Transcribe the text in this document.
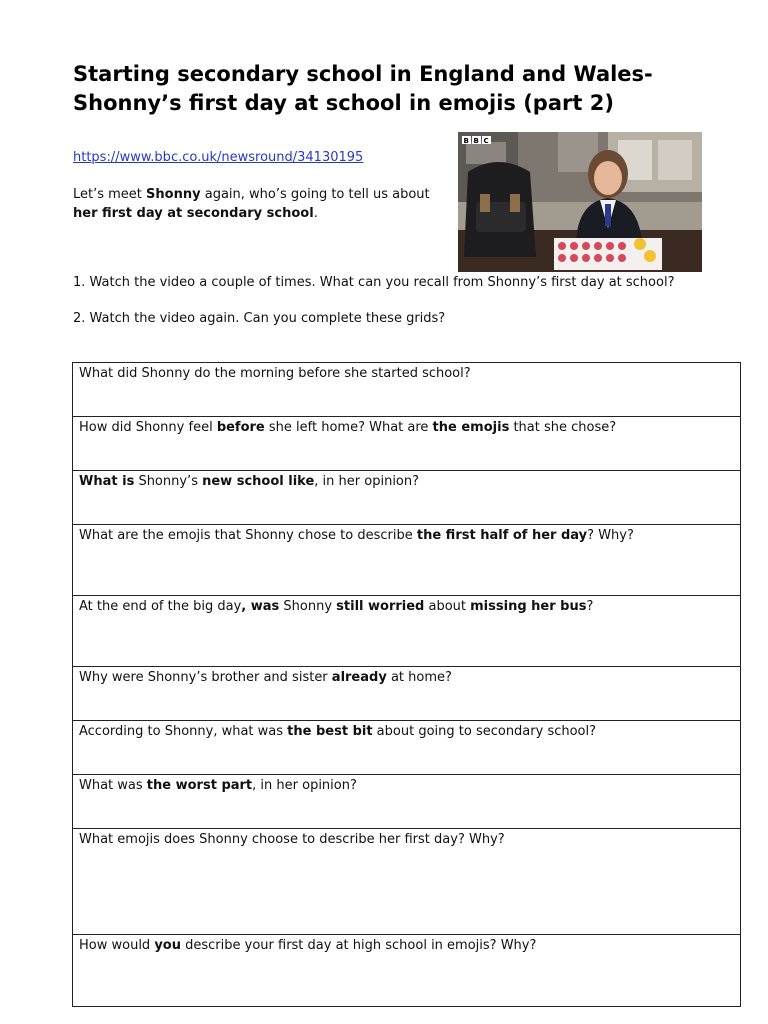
Starting secondary school in England and Wales-
Shonny’s first day at school in emojis (part 2)
https://www.bbc.co.uk/newsround/34130195

Let’s meet Shonny again, who’s going to tell us about
her first day at secondary school.

B B C

1. Watch the video a couple of times. What can you recall from Shonny’s first day at school?

2. Watch the video again. Can you complete these grids?

What did Shonny do the morning before she started school?
How did Shonny feel before she left home? What are the emojis that she chose?
What is Shonny’s new school like, in her opinion?
What are the emojis that Shonny chose to describe the first half of her day? Why?
At the end of the big day, was Shonny still worried about missing her bus?
Why were Shonny’s brother and sister already at home?
According to Shonny, what was the best bit about going to secondary school?
What was the worst part, in her opinion?
What emojis does Shonny choose to describe her first day? Why?
How would you describe your first day at high school in emojis? Why?
